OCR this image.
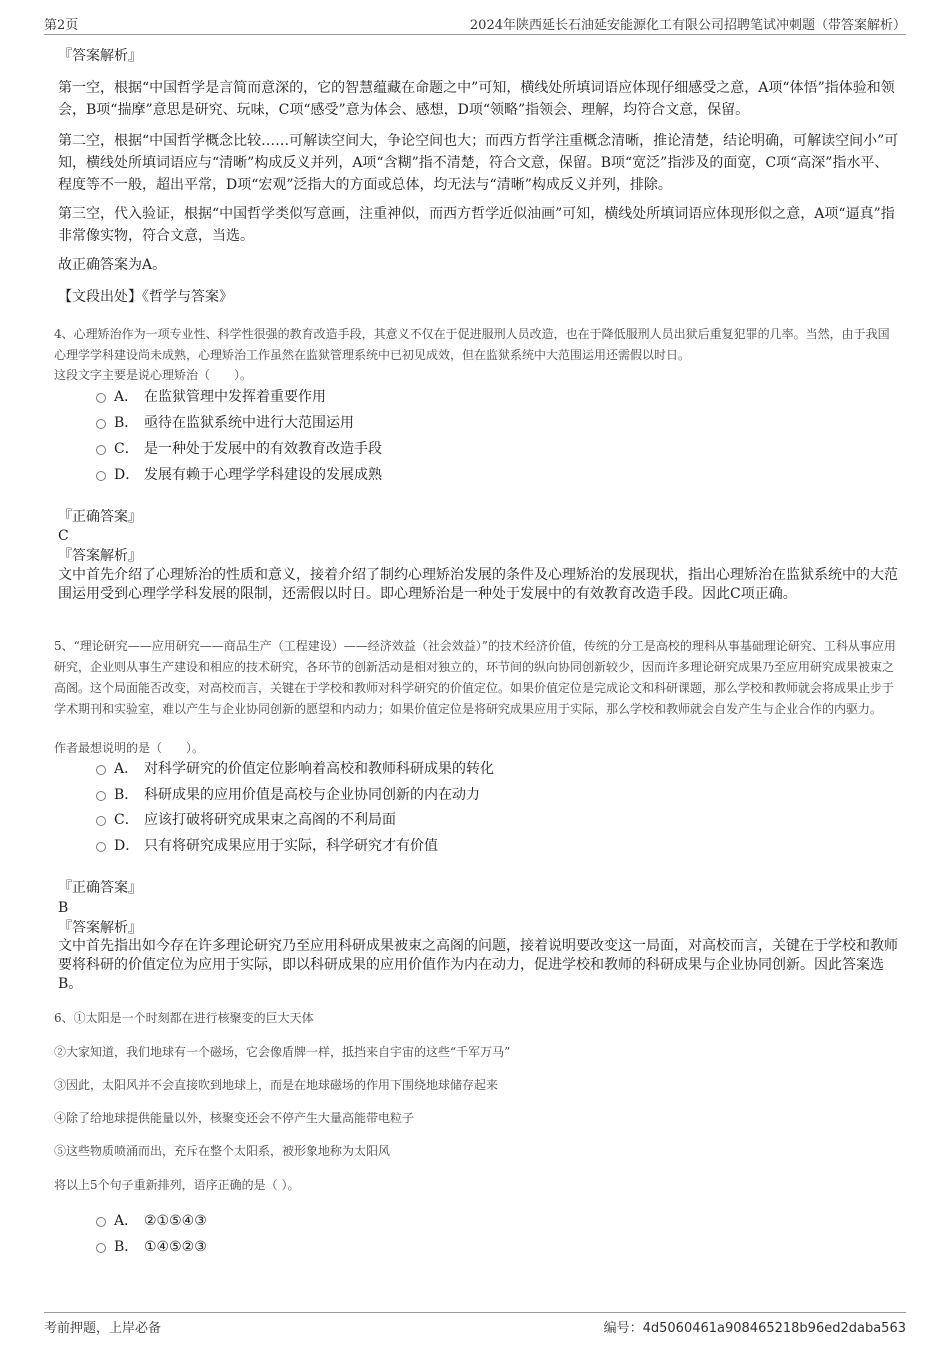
第2页	2024年陕西延长石油延安能源化工有限公司招聘笔试冲刺题（带答案解析）
『答案解析』

第一空，根据“中国哲学是言简而意深的，它的智慧蕴藏在命题之中”可知，横线处所填词语应体现仔细感受之意，A项“体悟”指体验和领会，B项“揣摩”意思是研究、玩味，C项“感受”意为体会、感想，D项“领略”指领会、理解，均符合文意，保留。

第二空，根据“中国哲学概念比较……可解读空间大，争论空间也大；而西方哲学注重概念清晰，推论清楚，结论明确，可解读空间小”可知，横线处所填词语应与“清晰”构成反义并列，A项“含糊”指不清楚，符合文意，保留。B项“宽泛”指涉及的面宽，C项“高深”指水平、程度等不一般，超出平常，D项“宏观”泛指大的方面或总体，均无法与“清晰”构成反义并列，排除。

第三空，代入验证，根据“中国哲学类似写意画，注重神似，而西方哲学近似油画”可知，横线处所填词语应体现形似之意，A项“逼真”指非常像实物，符合文意，当选。

故正确答案为A。

【文段出处】《哲学与答案》

4、心理矫治作为一项专业性、科学性很强的教育改造手段，其意义不仅在于促进服刑人员改造，也在于降低服刑人员出狱后重复犯罪的几率。当然，由于我国心理学学科建设尚未成熟，心理矫治工作虽然在监狱管理系统中已初见成效，但在监狱系统中大范围运用还需假以时日。

这段文字主要是说心理矫治（　　）。

A． 在监狱管理中发挥着重要作用
B． 亟待在监狱系统中进行大范围运用
C． 是一种处于发展中的有效教育改造手段
D． 发展有赖于心理学学科建设的发展成熟
『正确答案』
C
『答案解析』

文中首先介绍了心理矫治的性质和意义，接着介绍了制约心理矫治发展的条件及心理矫治的发展现状，指出心理矫治在监狱系统中的大范围运用受到心理学学科发展的限制，还需假以时日。即心理矫治是一种处于发展中的有效教育改造手段。因此C项正确。

5、“理论研究——应用研究——商品生产（工程建设）——经济效益（社会效益）”的技术经济价值，传统的分工是高校的理科从事基础理论研究、工科从事应用研究，企业则从事生产建设和相应的技术研究，各环节的创新活动是相对独立的，环节间的纵向协同创新较少，因而许多理论研究成果乃至应用研究成果被束之高阁。这个局面能否改变，对高校而言，关键在于学校和教师对科学研究的价值定位。如果价值定位是完成论文和科研课题，那么学校和教师就会将成果止步于学术期刊和实验室，难以产生与企业协同创新的愿望和内动力；如果价值定位是将研究成果应用于实际，那么学校和教师就会自发产生与企业合作的内驱力。

作者最想说明的是（　　）。

A． 对科学研究的价值定位影响着高校和教师科研成果的转化
B． 科研成果的应用价值是高校与企业协同创新的内在动力
C． 应该打破将研究成果束之高阁的不利局面
D． 只有将研究成果应用于实际，科学研究才有价值
『正确答案』
B
『答案解析』

文中首先指出如今存在许多理论研究乃至应用科研成果被束之高阁的问题，接着说明要改变这一局面，对高校而言，关键在于学校和教师要将科研的价值定位为应用于实际，即以科研成果的应用价值作为内在动力，促进学校和教师的科研成果与企业协同创新。因此答案选B。

6、①太阳是一个时刻都在进行核聚变的巨大天体

②大家知道，我们地球有一个磁场，它会像盾牌一样，抵挡来自宇宙的这些“千军万马”

③因此，太阳风并不会直接吹到地球上，而是在地球磁场的作用下围绕地球储存起来

④除了给地球提供能量以外，核聚变还会不停产生大量高能带电粒子

⑤这些物质喷涌而出，充斥在整个太阳系，被形象地称为太阳风

将以上5个句子重新排列，语序正确的是（ ）。

A． ②①⑤④③
B． ①④⑤②③
考前押题，上岸必备	编号：4d5060461a908465218b96ed2daba563
